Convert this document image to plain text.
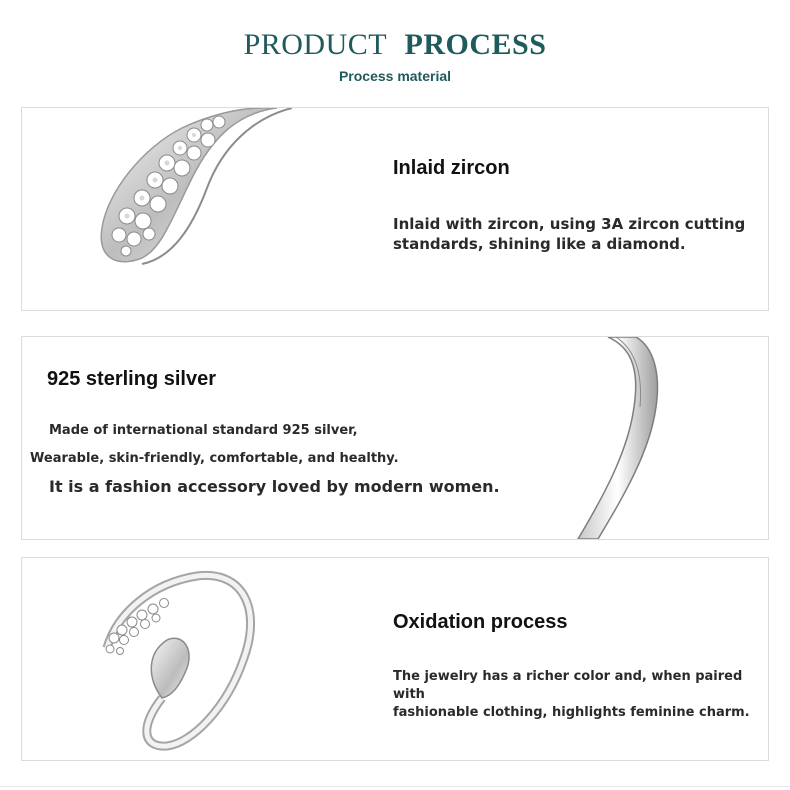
PRODUCT PROCESS
Process material
Inlaid zircon
Inlaid with zircon, using 3A zircon cutting
standards, shining like a diamond.
925 sterling silver
Made of international standard 925 silver,
Wearable, skin-friendly, comfortable, and healthy.
It is a fashion accessory loved by modern women.
Oxidation process
The jewelry has a richer color and, when paired with
fashionable clothing, highlights feminine charm.
